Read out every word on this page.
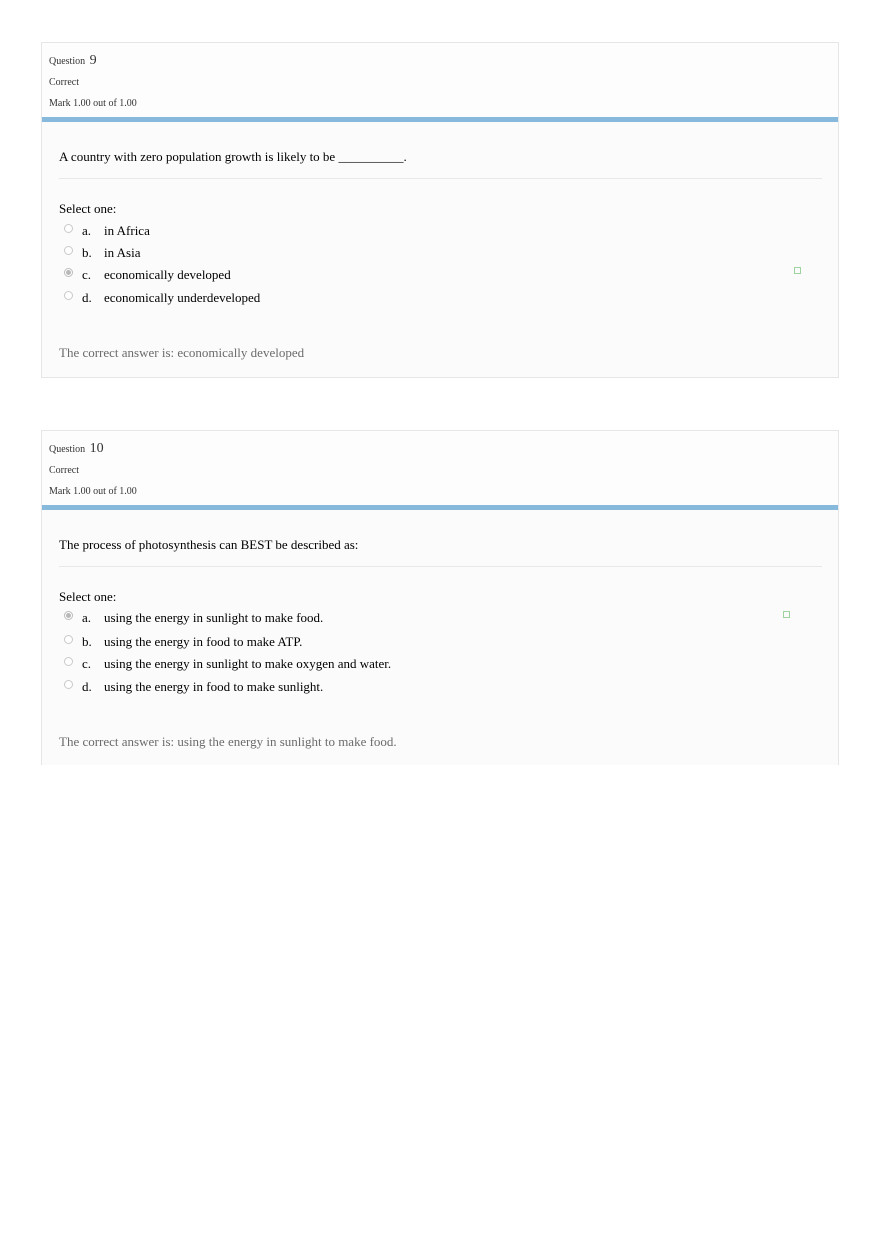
Question 9
Correct
Mark 1.00 out of 1.00
A country with zero population growth is likely to be __________.
Select one:
a. in Africa
b. in Asia
c. economically developed
d. economically underdeveloped
The correct answer is: economically developed
Question 10
Correct
Mark 1.00 out of 1.00
The process of photosynthesis can BEST be described as:
Select one:
a. using the energy in sunlight to make food.
b. using the energy in food to make ATP.
c. using the energy in sunlight to make oxygen and water.
d. using the energy in food to make sunlight.
The correct answer is: using the energy in sunlight to make food.
